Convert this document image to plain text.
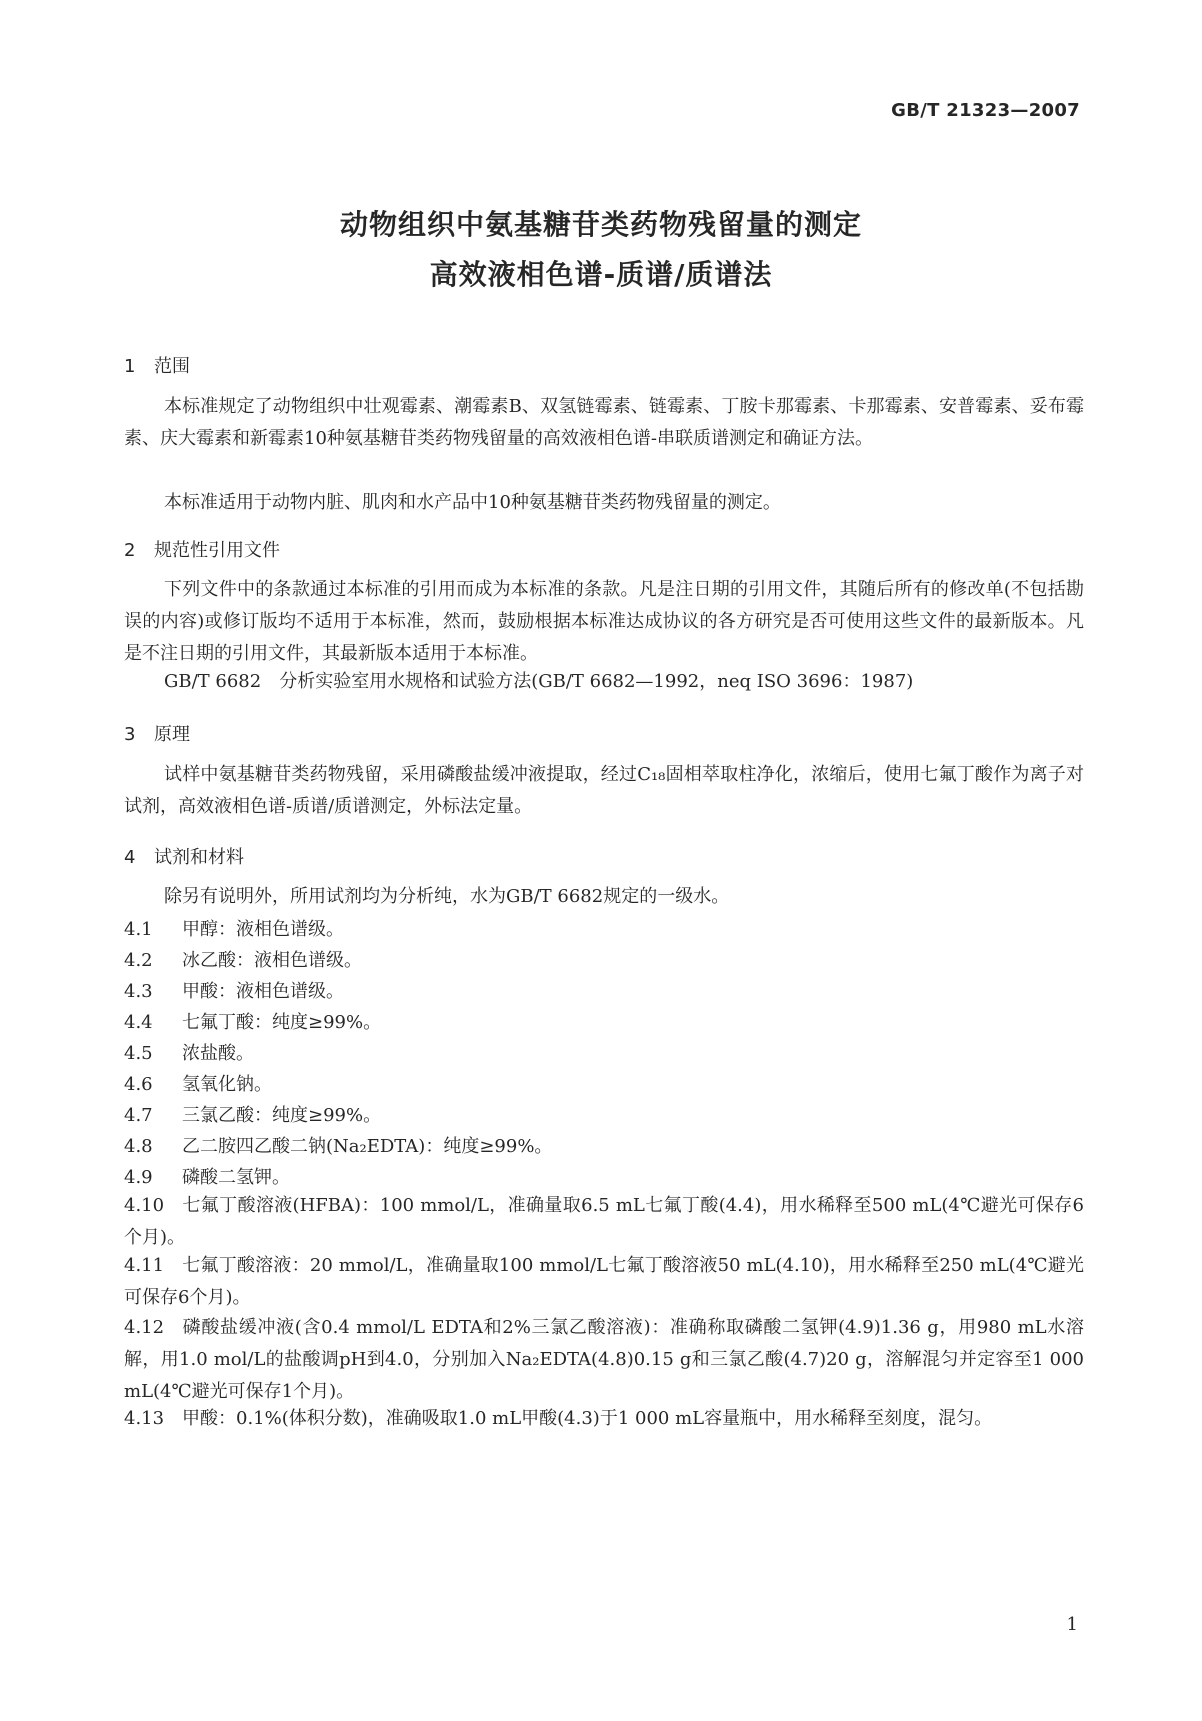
GB/T 21323—2007
动物组织中氨基糖苷类药物残留量的测定
高效液相色谱-质谱/质谱法
1 范围
本标准规定了动物组织中壮观霉素、潮霉素B、双氢链霉素、链霉素、丁胺卡那霉素、卡那霉素、安普霉素、妥布霉素、庆大霉素和新霉素10种氨基糖苷类药物残留量的高效液相色谱-串联质谱测定和确证方法。
本标准适用于动物内脏、肌肉和水产品中10种氨基糖苷类药物残留量的测定。
2 规范性引用文件
下列文件中的条款通过本标准的引用而成为本标准的条款。凡是注日期的引用文件，其随后所有的修改单(不包括勘误的内容)或修订版均不适用于本标准，然而，鼓励根据本标准达成协议的各方研究是否可使用这些文件的最新版本。凡是不注日期的引用文件，其最新版本适用于本标准。
GB/T 6682　分析实验室用水规格和试验方法(GB/T 6682—1992，neq ISO 3696：1987)
3 原理
试样中氨基糖苷类药物残留，采用磷酸盐缓冲液提取，经过C₁₈固相萃取柱净化，浓缩后，使用七氟丁酸作为离子对试剂，高效液相色谱-质谱/质谱测定，外标法定量。
4 试剂和材料
除另有说明外，所用试剂均为分析纯，水为GB/T 6682规定的一级水。
4.1 甲醇：液相色谱级。
4.2 冰乙酸：液相色谱级。
4.3 甲酸：液相色谱级。
4.4 七氟丁酸：纯度≥99%。
4.5 浓盐酸。
4.6 氢氧化钠。
4.7 三氯乙酸：纯度≥99%。
4.8 乙二胺四乙酸二钠(Na₂EDTA)：纯度≥99%。
4.9 磷酸二氢钾。
4.10 七氟丁酸溶液(HFBA)：100 mmol/L，准确量取6.5 mL七氟丁酸(4.4)，用水稀释至500 mL(4℃避光可保存6个月)。
4.11 七氟丁酸溶液：20 mmol/L，准确量取100 mmol/L七氟丁酸溶液50 mL(4.10)，用水稀释至250 mL(4℃避光可保存6个月)。
4.12 磷酸盐缓冲液(含0.4 mmol/L EDTA和2%三氯乙酸溶液)：准确称取磷酸二氢钾(4.9)1.36 g，用980 mL水溶解，用1.0 mol/L的盐酸调pH到4.0，分别加入Na₂EDTA(4.8)0.15 g和三氯乙酸(4.7)20 g，溶解混匀并定容至1 000 mL(4℃避光可保存1个月)。
4.13 甲酸：0.1%(体积分数)，准确吸取1.0 mL甲酸(4.3)于1 000 mL容量瓶中，用水稀释至刻度，混匀。
1
